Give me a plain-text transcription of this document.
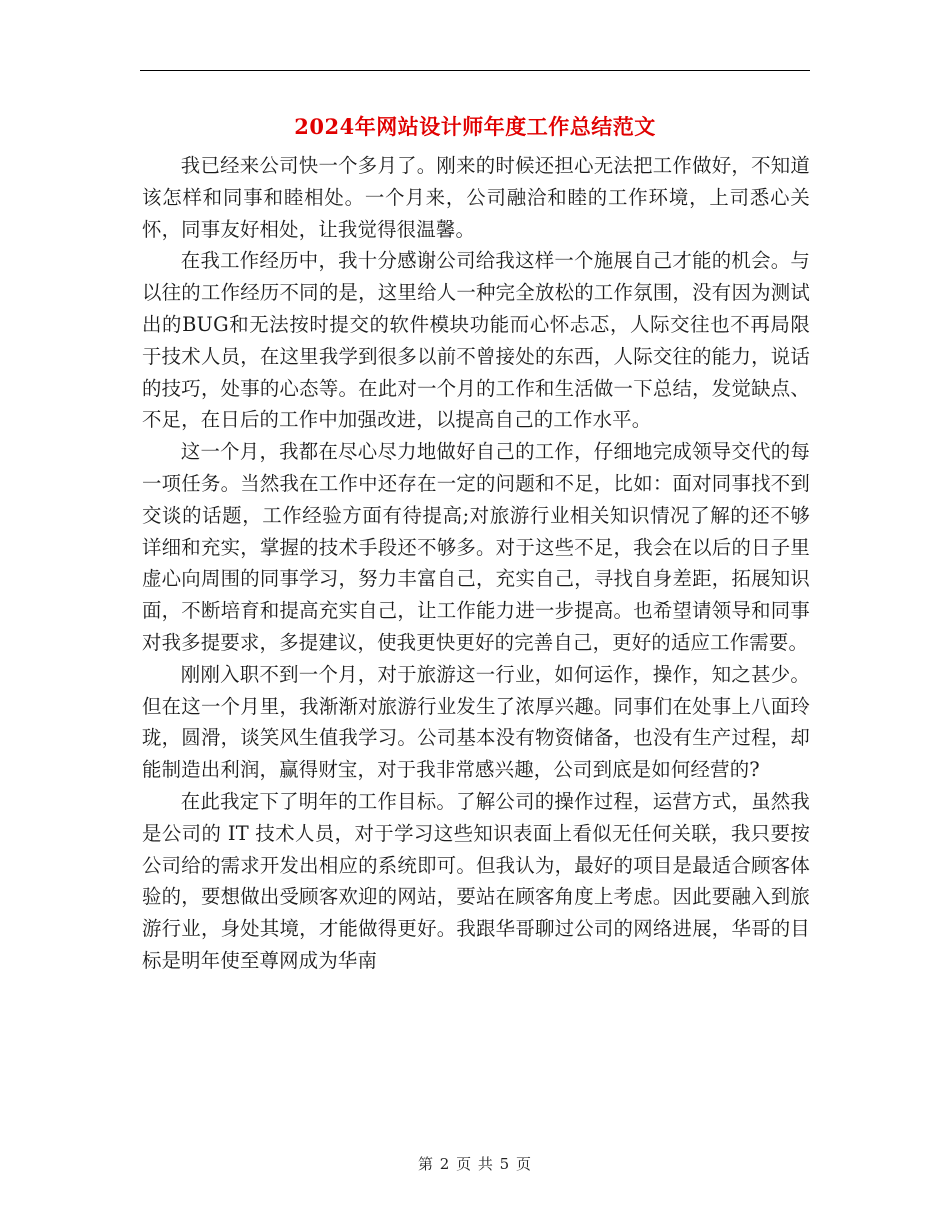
2024年网站设计师年度工作总结范文

我已经来公司快一个多月了。刚来的时候还担心无法把工作做好，不知道该怎样和同事和睦相处。一个月来，公司融洽和睦的工作环境，上司悉心关怀，同事友好相处，让我觉得很温馨。

在我工作经历中，我十分感谢公司给我这样一个施展自己才能的机会。与以往的工作经历不同的是，这里给人一种完全放松的工作氛围，没有因为测试出的BUG和无法按时提交的软件模块功能而心怀忐忑，人际交往也不再局限于技术人员，在这里我学到很多以前不曾接处的东西，人际交往的能力，说话的技巧，处事的心态等。在此对一个月的工作和生活做一下总结，发觉缺点、不足，在日后的工作中加强改进，以提高自己的工作水平。

这一个月，我都在尽心尽力地做好自己的工作，仔细地完成领导交代的每一项任务。当然我在工作中还存在一定的问题和不足，比如：面对同事找不到交谈的话题，工作经验方面有待提高;对旅游行业相关知识情况了解的还不够详细和充实，掌握的技术手段还不够多。对于这些不足，我会在以后的日子里虚心向周围的同事学习，努力丰富自己，充实自己，寻找自身差距，拓展知识面，不断培育和提高充实自己，让工作能力进一步提高。也希望请领导和同事对我多提要求，多提建议，使我更快更好的完善自己，更好的适应工作需要。

刚刚入职不到一个月，对于旅游这一行业，如何运作，操作，知之甚少。但在这一个月里，我渐渐对旅游行业发生了浓厚兴趣。同事们在处事上八面玲珑，圆滑，谈笑风生值我学习。公司基本没有物资储备，也没有生产过程，却能制造出利润，赢得财宝，对于我非常感兴趣，公司到底是如何经营的?

在此我定下了明年的工作目标。了解公司的操作过程，运营方式，虽然我是公司的 IT 技术人员，对于学习这些知识表面上看似无任何关联，我只要按公司给的需求开发出相应的系统即可。但我认为，最好的项目是最适合顾客体验的，要想做出受顾客欢迎的网站，要站在顾客角度上考虑。因此要融入到旅游行业，身处其境，才能做得更好。我跟华哥聊过公司的网络进展，华哥的目标是明年使至尊网成为华南

第 2 页 共 5 页
